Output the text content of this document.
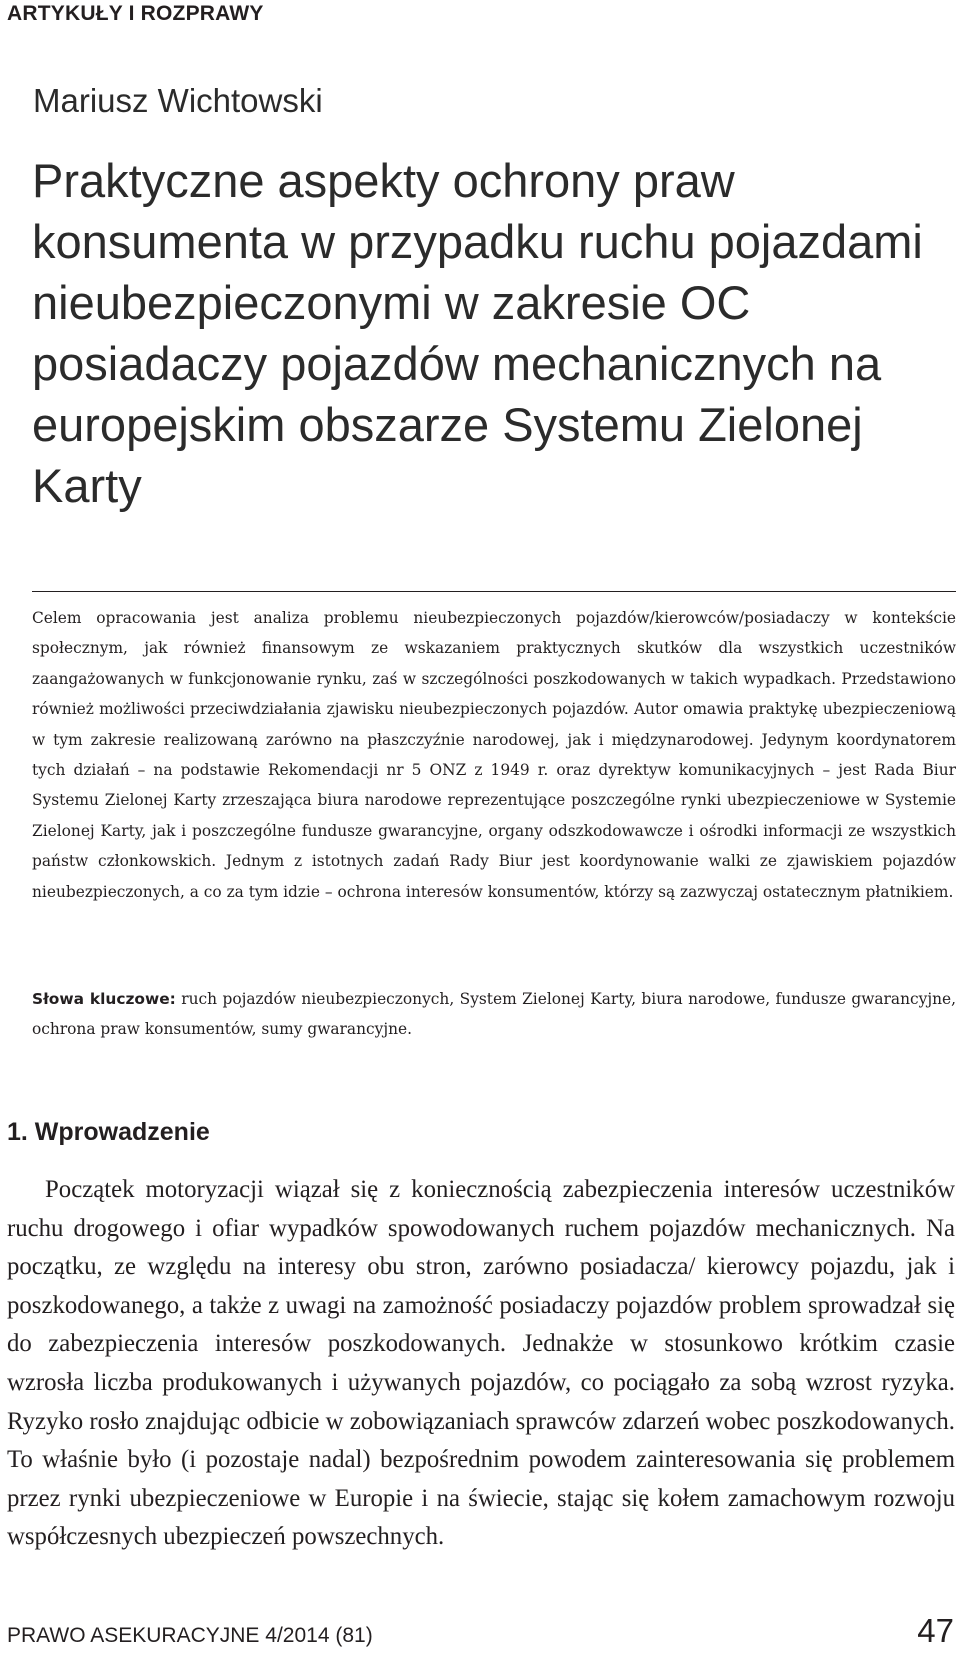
ARTYKUŁY I ROZPRAWY
Mariusz Wichtowski
Praktyczne aspekty ochrony praw konsumenta w przypadku ruchu pojazdami nieubezpieczonymi w zakresie OC posiadaczy pojazdów mechanicznych na europejskim obszarze Systemu Zielonej Karty

Celem opracowania jest analiza problemu nieubezpieczonych pojazdów/kierowców/posiadaczy w kontekście społecznym, jak również finansowym ze wskazaniem praktycznych skutków dla wszystkich uczestników zaangażowanych w funkcjonowanie rynku, zaś w szczególności poszkodowanych w takich wypadkach. Przedstawiono również możliwości przeciwdziałania zjawisku nieubezpieczonych pojazdów. Autor omawia praktykę ubezpieczeniową w tym zakresie realizowaną zarówno na płaszczyźnie narodowej, jak i międzynarodowej. Jedynym koordynatorem tych działań – na podstawie Rekomendacji nr 5 ONZ z 1949 r. oraz dyrektyw komunikacyjnych – jest Rada Biur Systemu Zielonej Karty zrzeszająca biura narodowe reprezentujące poszczególne rynki ubezpieczeniowe w Systemie Zielonej Karty, jak i poszczególne fundusze gwarancyjne, organy odszkodowawcze i ośrodki informacji ze wszystkich państw członkowskich. Jednym z istotnych zadań Rady Biur jest koordynowanie walki ze zjawiskiem pojazdów nieubezpieczonych, a co za tym idzie – ochrona interesów konsumentów, którzy są zazwyczaj ostatecznym płatnikiem.

Słowa kluczowe: ruch pojazdów nieubezpieczonych, System Zielonej Karty, biura narodowe, fundusze gwarancyjne, ochrona praw konsumentów, sumy gwarancyjne.

1. Wprowadzenie

Początek motoryzacji wiązał się z koniecznością zabezpieczenia interesów uczestników ruchu drogowego i ofiar wypadków spowodowanych ruchem pojazdów mechanicznych. Na początku, ze względu na interesy obu stron, zarówno posiadacza/ kierowcy pojazdu, jak i poszkodowanego, a także z uwagi na zamożność posiadaczy pojazdów problem sprowadzał się do zabezpieczenia interesów poszkodowanych. Jednakże w stosunkowo krótkim czasie wzrosła liczba produkowanych i używanych pojazdów, co pociągało za sobą wzrost ryzyka. Ryzyko rosło znajdując odbicie w zobowiązaniach sprawców zdarzeń wobec poszkodowanych. To właśnie było (i pozostaje nadal) bezpośrednim powodem zainteresowania się problemem przez rynki ubezpieczeniowe w Europie i na świecie, stając się kołem zamachowym rozwoju współczesnych ubezpieczeń powszechnych.

PRAWO ASEKURACYJNE 4/2014 (81)	47
